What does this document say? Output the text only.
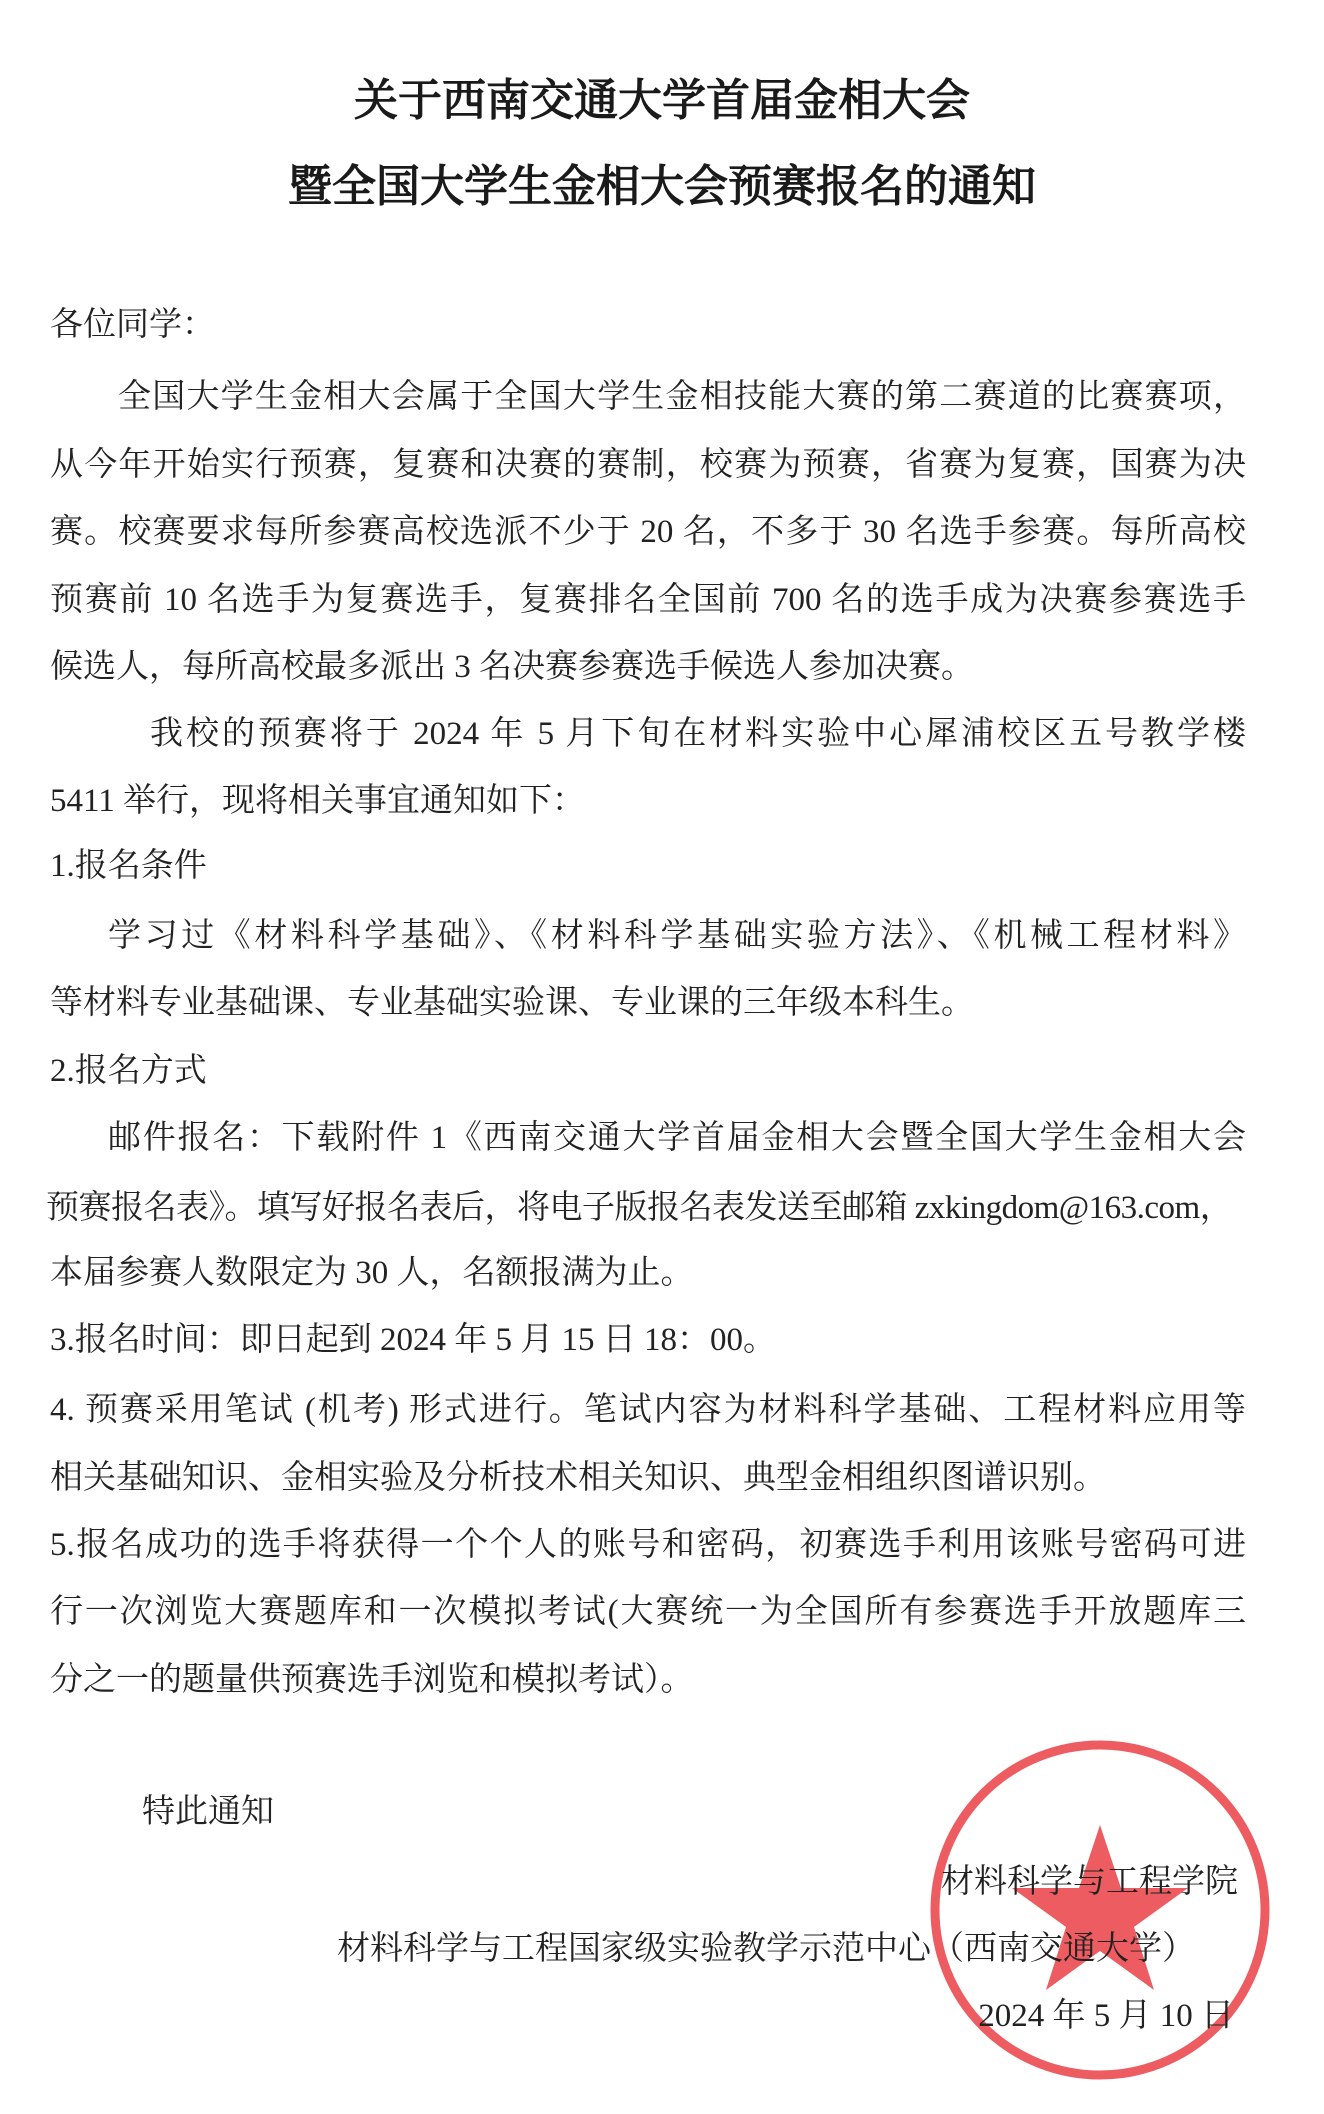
关于西南交通大学首届金相大会
暨全国大学生金相大会预赛报名的通知
各位同学：
全国大学生金相大会属于全国大学生金相技能大赛的第二赛道的比赛赛项，
从今年开始实行预赛，复赛和决赛的赛制，校赛为预赛，省赛为复赛，国赛为决
赛。校赛要求每所参赛高校选派不少于 20 名，不多于 30 名选手参赛。每所高校
预赛前 10 名选手为复赛选手，复赛排名全国前 700 名的选手成为决赛参赛选手
候选人，每所高校最多派出 3 名决赛参赛选手候选人参加决赛。
我校的预赛将于 2024 年 5 月下旬在材料实验中心犀浦校区五号教学楼
5411 举行，现将相关事宜通知如下：
1.报名条件
学习过《材料科学基础》、《材料科学基础实验方法》、《机械工程材料》
等材料专业基础课、专业基础实验课、专业课的三年级本科生。
2.报名方式
邮件报名：下载附件 1《西南交通大学首届金相大会暨全国大学生金相大会
预赛报名表》。填写好报名表后，将电子版报名表发送至邮箱 zxkingdom@163.com，
本届参赛人数限定为 30 人，名额报满为止。
3.报名时间：即日起到 2024 年 5 月 15 日 18：00。
4. 预赛采用笔试 (机考) 形式进行。笔试内容为材料科学基础、工程材料应用等
相关基础知识、金相实验及分析技术相关知识、典型金相组织图谱识别。
5.报名成功的选手将获得一个个人的账号和密码，初赛选手利用该账号密码可进
行一次浏览大赛题库和一次模拟考试(大赛统一为全国所有参赛选手开放题库三
分之一的题量供预赛选手浏览和模拟考试）。
特此通知
材料科学与工程学院
材料科学与工程国家级实验教学示范中心（西南交通大学）
2024 年 5 月 10 日
